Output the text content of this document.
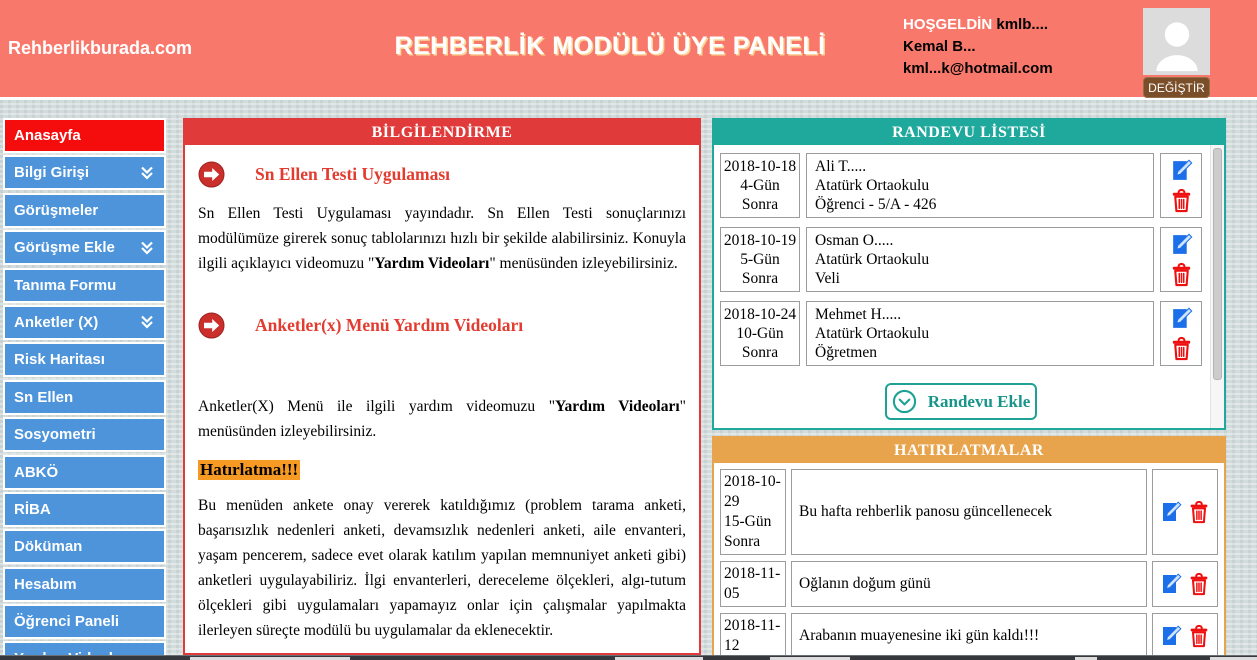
Rehberlikburada.com	REHBERLİK MODÜLÜ ÜYE PANELİ
HOŞGELDİN kmlb....
Kemal B...
kml...k@hotmail.com
DEĞİŞTİR
Anasayfa
Bilgi Girişi
Görüşmeler
Görüşme Ekle
Tanıma Formu
Anketler (X)
Risk Haritası
Sn Ellen
Sosyometri
ABKÖ
RİBA
Döküman
Hesabım
Öğrenci Paneli
BİLGİLENDİRME
Sn Ellen Testi Uygulaması

Sn Ellen Testi Uygulaması yayındadır. Sn Ellen Testi sonuçlarınızı modülümüze girerek sonuç tablolarınızı hızlı bir şekilde alabilirsiniz. Konuyla ilgili açıklayıcı videomuzu "Yardım Videoları" menüsünden izleyebilirsiniz.

Anketler(x) Menü Yardım Videoları

Anketler(X) Menü ile ilgili yardım videomuzu "Yardım Videoları" menüsünden izleyebilirsiniz.

Hatırlatma!!!

Bu menüden ankete onay vererek katıldığımız (problem tarama anketi, başarısızlık nedenleri anketi, devamsızlık nedenleri anketi, aile envanteri, yaşam pencerem, sadece evet olarak katılım yapılan memnuniyet anketi gibi) anketleri uygulayabiliriz. İlgi envanterleri, dereceleme ölçekleri, algı-tutum ölçekleri gibi uygulamaları yapamayız onlar için çalışmalar yapılmakta ilerleyen süreçte modülü bu uygulamalar da eklenecektir.

RANDEVU LİSTESİ
2018-10-18
4-Gün
Sonra
Ali T.....
Atatürk Ortaokulu
Öğrenci - 5/A - 426
2018-10-19
5-Gün
Sonra
Osman O.....
Atatürk Ortaokulu
Veli
2018-10-24
10-Gün
Sonra
Mehmet H.....
Atatürk Ortaokulu
Öğretmen
Randevu Ekle
HATIRLATMALAR
2018-10-29
15-Gün Sonra
Bu hafta rehberlik panosu güncellenecek
2018-11-05
Oğlanın doğum günü
2018-11-12
Arabanın muayenesine iki gün kaldı!!!
